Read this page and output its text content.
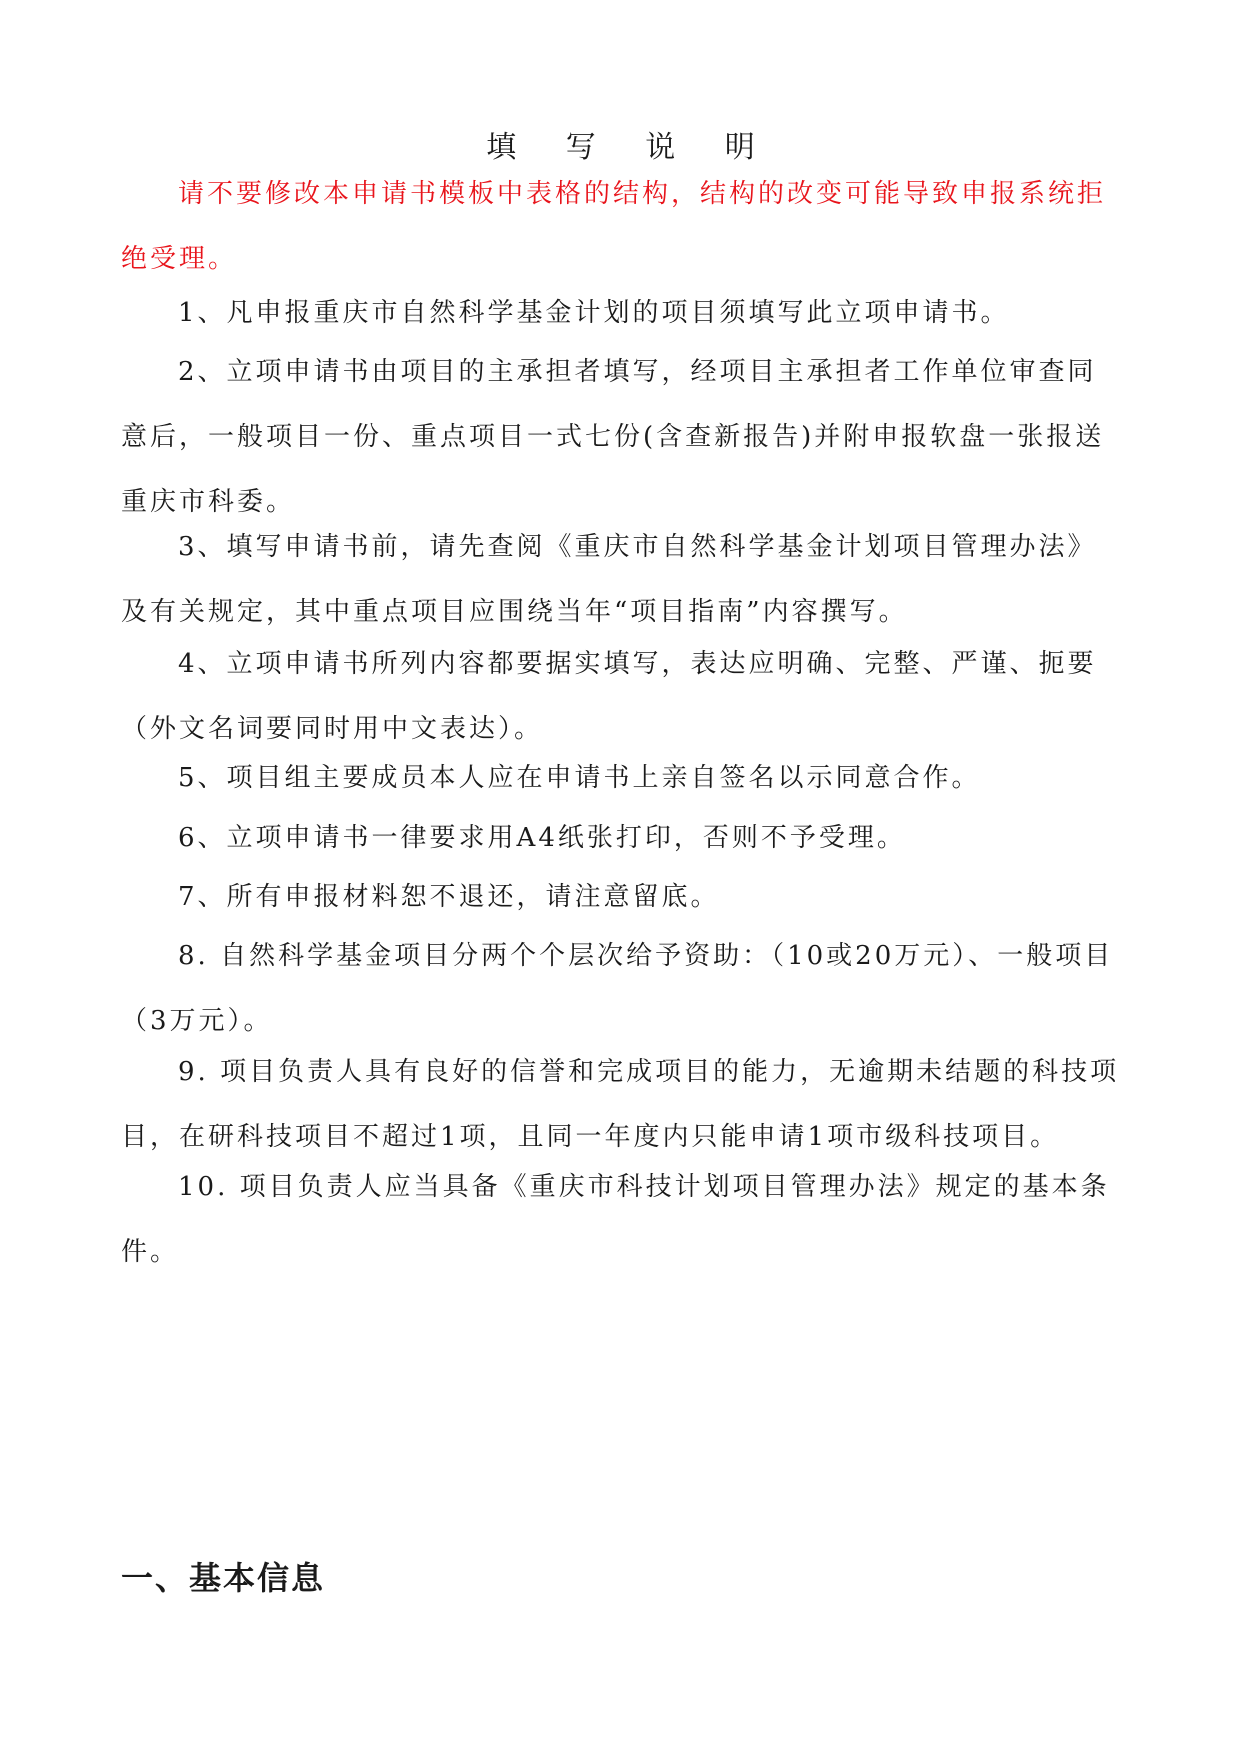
填 写 说 明

请不要修改本申请书模板中表格的结构，结构的改变可能导致申报系统拒绝受理。

1、凡申报重庆市自然科学基金计划的项目须填写此立项申请书。

2、立项申请书由项目的主承担者填写，经项目主承担者工作单位审查同意后，一般项目一份、重点项目一式七份(含查新报告)并附申报软盘一张报送重庆市科委。

3、填写申请书前，请先查阅《重庆市自然科学基金计划项目管理办法》及有关规定，其中重点项目应围绕当年“项目指南”内容撰写。

4、立项申请书所列内容都要据实填写，表达应明确、完整、严谨、扼要（外文名词要同时用中文表达）。

5、项目组主要成员本人应在申请书上亲自签名以示同意合作。

6、立项申请书一律要求用A4纸张打印，否则不予受理。

7、所有申报材料恕不退还，请注意留底。

8. 自然科学基金项目分两个个层次给予资助：（10或20万元）、一般项目（3万元）。

9. 项目负责人具有良好的信誉和完成项目的能力，无逾期未结题的科技项目，在研科技项目不超过1项，且同一年度内只能申请1项市级科技项目。

10. 项目负责人应当具备《重庆市科技计划项目管理办法》规定的基本条件。

一、基本信息
